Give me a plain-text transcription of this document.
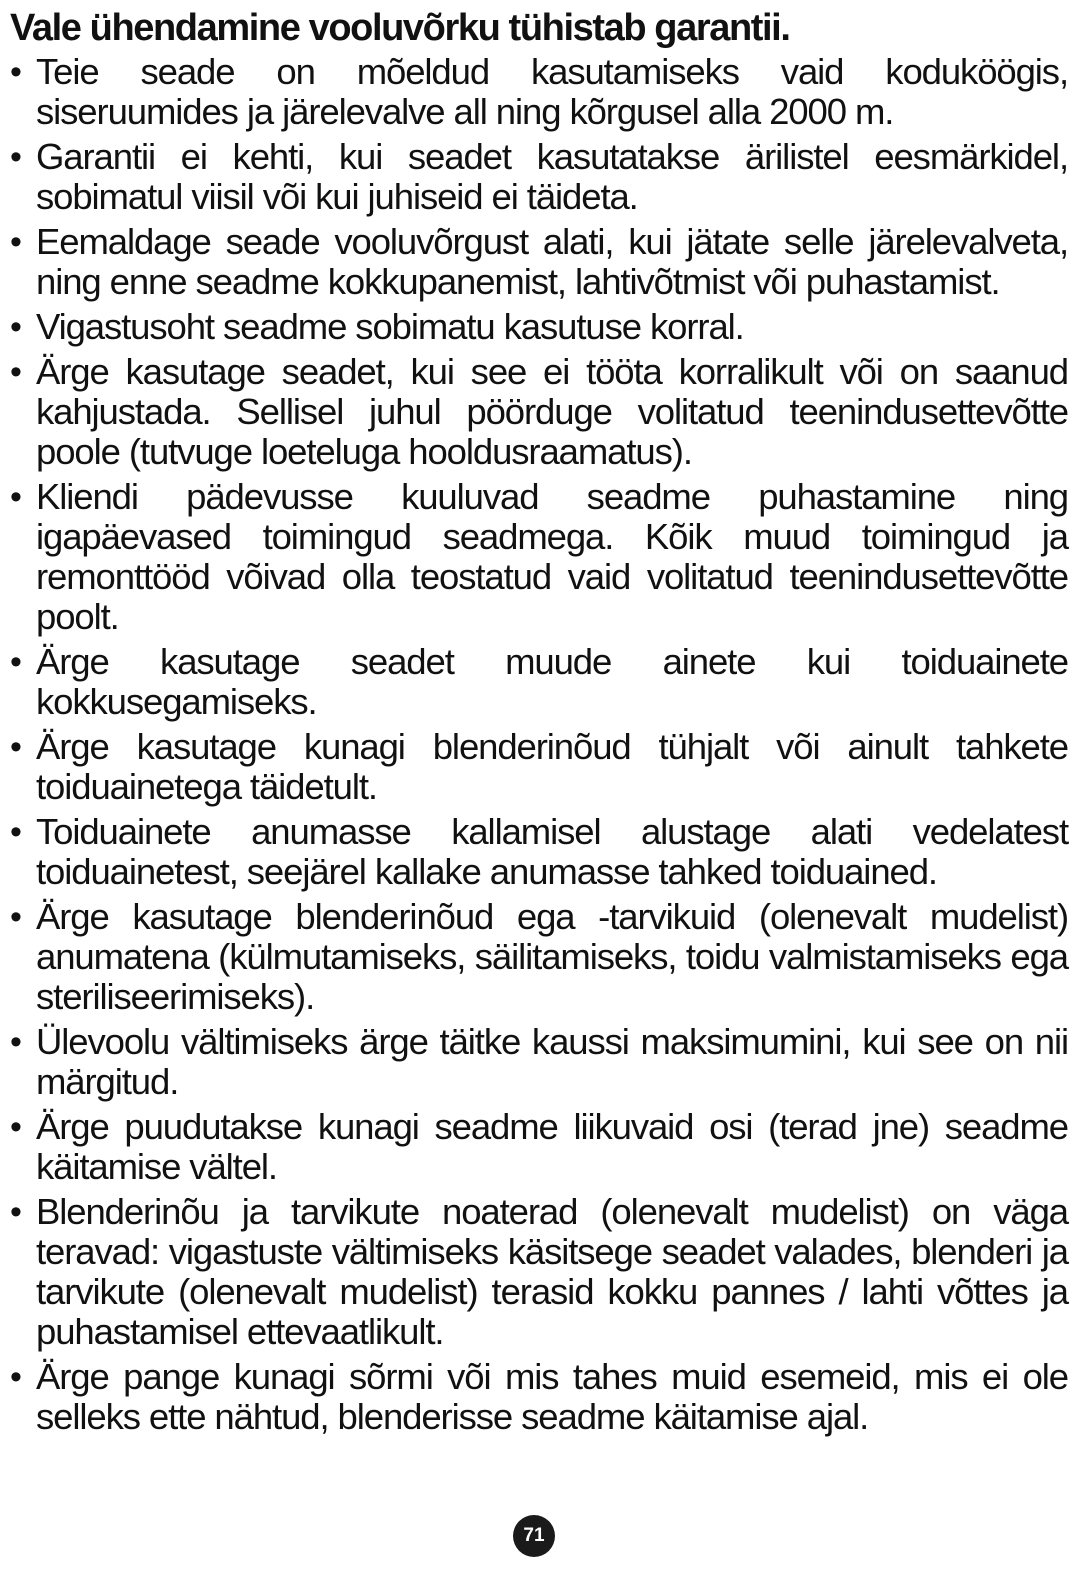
Vale ühendamine vooluvõrku tühistab garantii.
• Teie seade on mõeldud kasutamiseks vaid koduköögis, siseruumides ja järelevalve all ning kõrgusel alla 2000 m.
• Garantii ei kehti, kui seadet kasutatakse ärilistel eesmärkidel, sobimatul viisil või kui juhiseid ei täideta.
• Eemaldage seade vooluvõrgust alati, kui jätate selle järelevalveta, ning enne seadme kokkupanemist, lahtivõtmist või puhastamist.
• Vigastusoht seadme sobimatu kasutuse korral.
• Ärge kasutage seadet, kui see ei tööta korralikult või on saanud kahjustada. Sellisel juhul pöörduge volitatud teenindusettevõtte poole (tutvuge loeteluga hooldusraamatus).
• Kliendi pädevusse kuuluvad seadme puhastamine ning igapäevased toimingud seadmega. Kõik muud toimingud ja remonttööd võivad olla teostatud vaid volitatud teenindusettevõtte poolt.
• Ärge kasutage seadet muude ainete kui toiduainete kokkusegamiseks.
• Ärge kasutage kunagi blenderinõud tühjalt või ainult tahkete toiduainetega täidetult.
• Toiduainete anumasse kallamisel alustage alati vedelatest toiduainetest, seejärel kallake anumasse tahked toiduained.
• Ärge kasutage blenderinõud ega -tarvikuid (olenevalt mudelist) anumatena (külmutamiseks, säilitamiseks, toidu valmistamiseks ega steriliseerimiseks).
• Ülevoolu vältimiseks ärge täitke kaussi maksimumini, kui see on nii märgitud.
• Ärge puudutakse kunagi seadme liikuvaid osi (terad jne) seadme käitamise vältel.
• Blenderinõu ja tarvikute noaterad (olenevalt mudelist) on väga teravad: vigastuste vältimiseks käsitsege seadet valades, blenderi ja tarvikute (olenevalt mudelist) terasid kokku pannes / lahti võttes ja puhastamisel ettevaatlikult.
• Ärge pange kunagi sõrmi või mis tahes muid esemeid, mis ei ole selleks ette nähtud, blenderisse seadme käitamise ajal.
71
